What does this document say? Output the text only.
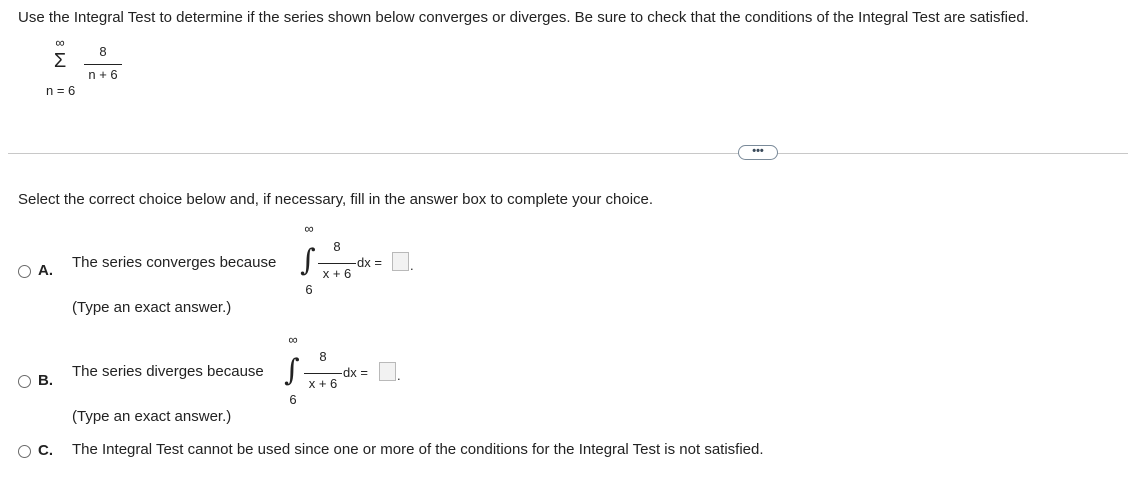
Use the Integral Test to determine if the series shown below converges or diverges. Be sure to check that the conditions of the Integral Test are satisfied.
∞
Σ
n = 6
8
n + 6
•••
Select the correct choice below and, if necessary, fill in the answer box to complete your choice.
A. The series converges because
∞
∫
6
8
x + 6
dx = .
(Type an exact answer.)
B.
The series diverges because
∞
∫
6
8
x + 6
dx = .
(Type an exact answer.)
C. The Integral Test cannot be used since one or more of the conditions for the Integral Test is not satisfied.
